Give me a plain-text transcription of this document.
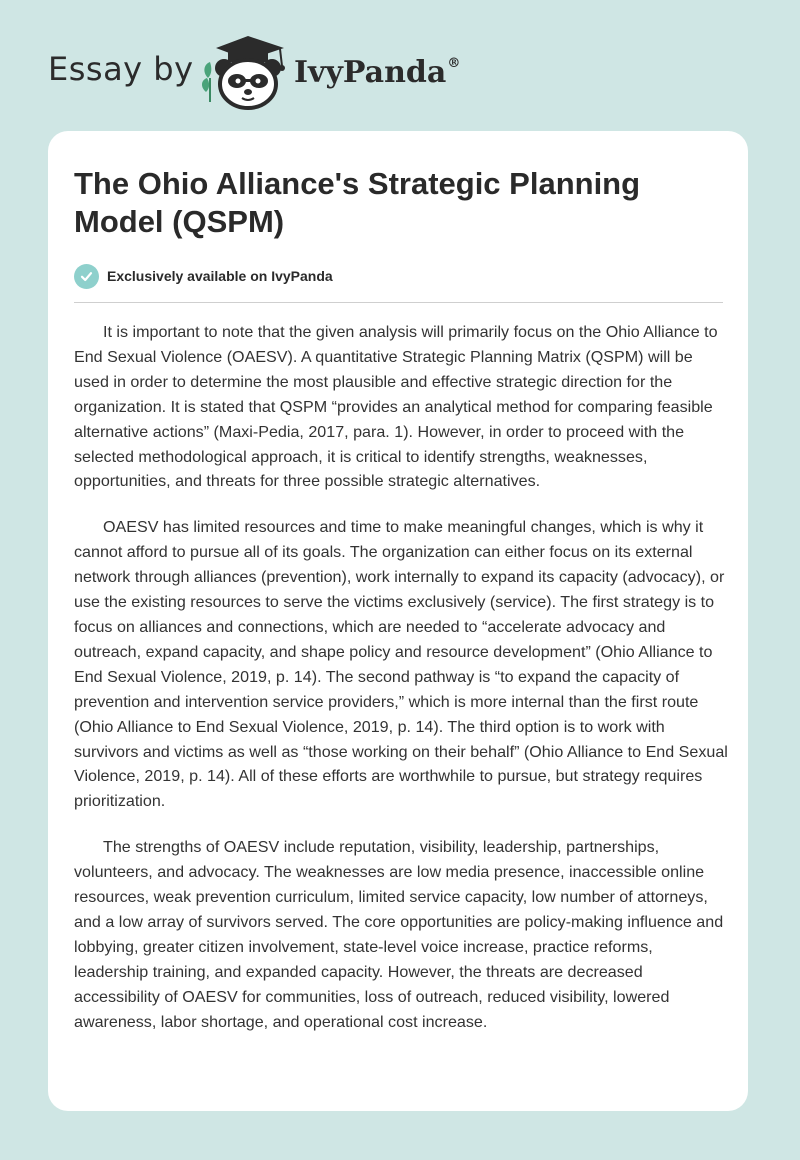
Essay by	IvyPanda®
The Ohio Alliance's Strategic Planning Model (QSPM)
Exclusively available on IvyPanda

It is important to note that the given analysis will primarily focus on the Ohio Alliance to End Sexual Violence (OAESV). A quantitative Strategic Planning Matrix (QSPM) will be used in order to determine the most plausible and effective strategic direction for the organization. It is stated that QSPM “provides an analytical method for comparing feasible alternative actions” (Maxi-Pedia, 2017, para. 1). However, in order to proceed with the selected methodological approach, it is critical to identify strengths, weaknesses, opportunities, and threats for three possible strategic alternatives.

OAESV has limited resources and time to make meaningful changes, which is why it cannot afford to pursue all of its goals. The organization can either focus on its external network through alliances (prevention), work internally to expand its capacity (advocacy), or use the existing resources to serve the victims exclusively (service). The first strategy is to focus on alliances and connections, which are needed to “accelerate advocacy and outreach, expand capacity, and shape policy and resource development” (Ohio Alliance to End Sexual Violence, 2019, p. 14). The second pathway is “to expand the capacity of prevention and intervention service providers,” which is more internal than the first route (Ohio Alliance to End Sexual Violence, 2019, p. 14). The third option is to work with survivors and victims as well as “those working on their behalf” (Ohio Alliance to End Sexual Violence, 2019, p. 14). All of these efforts are worthwhile to pursue, but strategy requires prioritization.

The strengths of OAESV include reputation, visibility, leadership, partnerships, volunteers, and advocacy. The weaknesses are low media presence, inaccessible online resources, weak prevention curriculum, limited service capacity, low number of attorneys, and a low array of survivors served. The core opportunities are policy-making influence and lobbying, greater citizen involvement, state-level voice increase, practice reforms, leadership training, and expanded capacity. However, the threats are decreased accessibility of OAESV for communities, loss of outreach, reduced visibility, lowered awareness, labor shortage, and operational cost increase.
